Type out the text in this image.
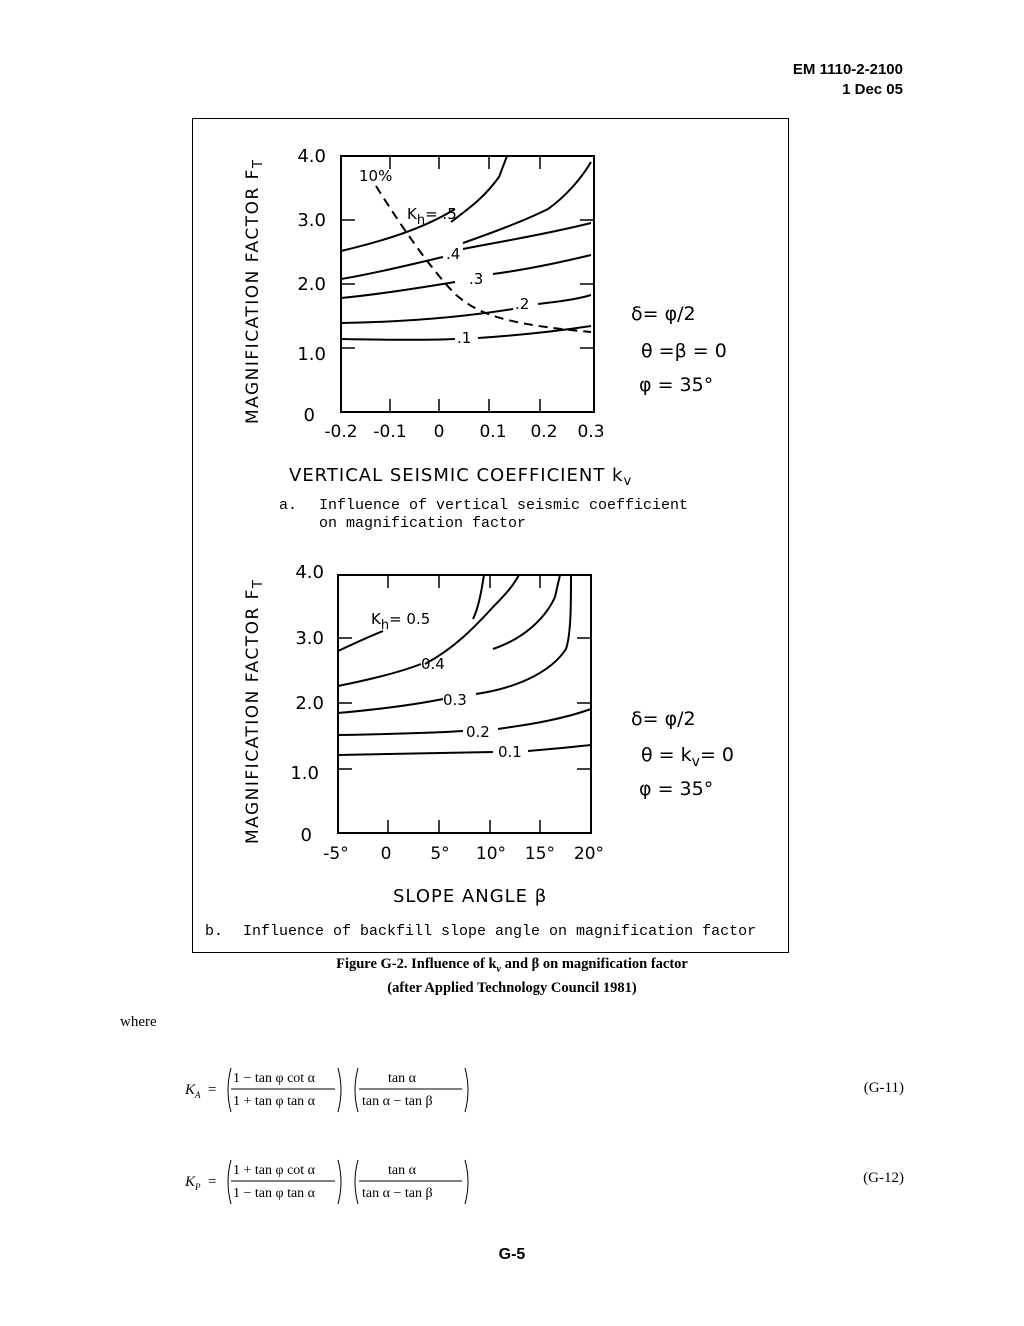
EM 1110-2-2100
1 Dec 05
4.0
3.0
2.0
1.0
0
-0.2 -0.1 0 0.1 0.2 0.3
MAGNIFICATION FACTOR $F_T$
10%
Kh= .5
.4
.3
.2
.1
δ= φ/2
θ =β = 0
φ = 35°
VERTICAL SEISMIC COEFFICIENT $k_v$
a. Influence of vertical seismic coefficient
on magnification factor
4.0
3.0
2.0
1.0
0
-5° 0 5° 10° 15° 20°
MAGNIFICATION FACTOR $F_T$
Kh= 0.5
0.4
0.3
0.2
0.1
δ= φ/2
$\theta = k_v= 0$
φ = 35°
SLOPE ANGLE β
b. Influence of backfill slope angle on magnification factor
Figure G-2. Influence of $k_v$ and β on magnification factor
(after Applied Technology Council 1981)
where
$K_A$ =
1 − tan φ cot α
1 + tan φ tan α
tan α
tan α − tan β
(G-11)
$K_P$ =
1 + tan φ cot α
1 − tan φ tan α
tan α
tan α − tan β
(G-12)
G-5
